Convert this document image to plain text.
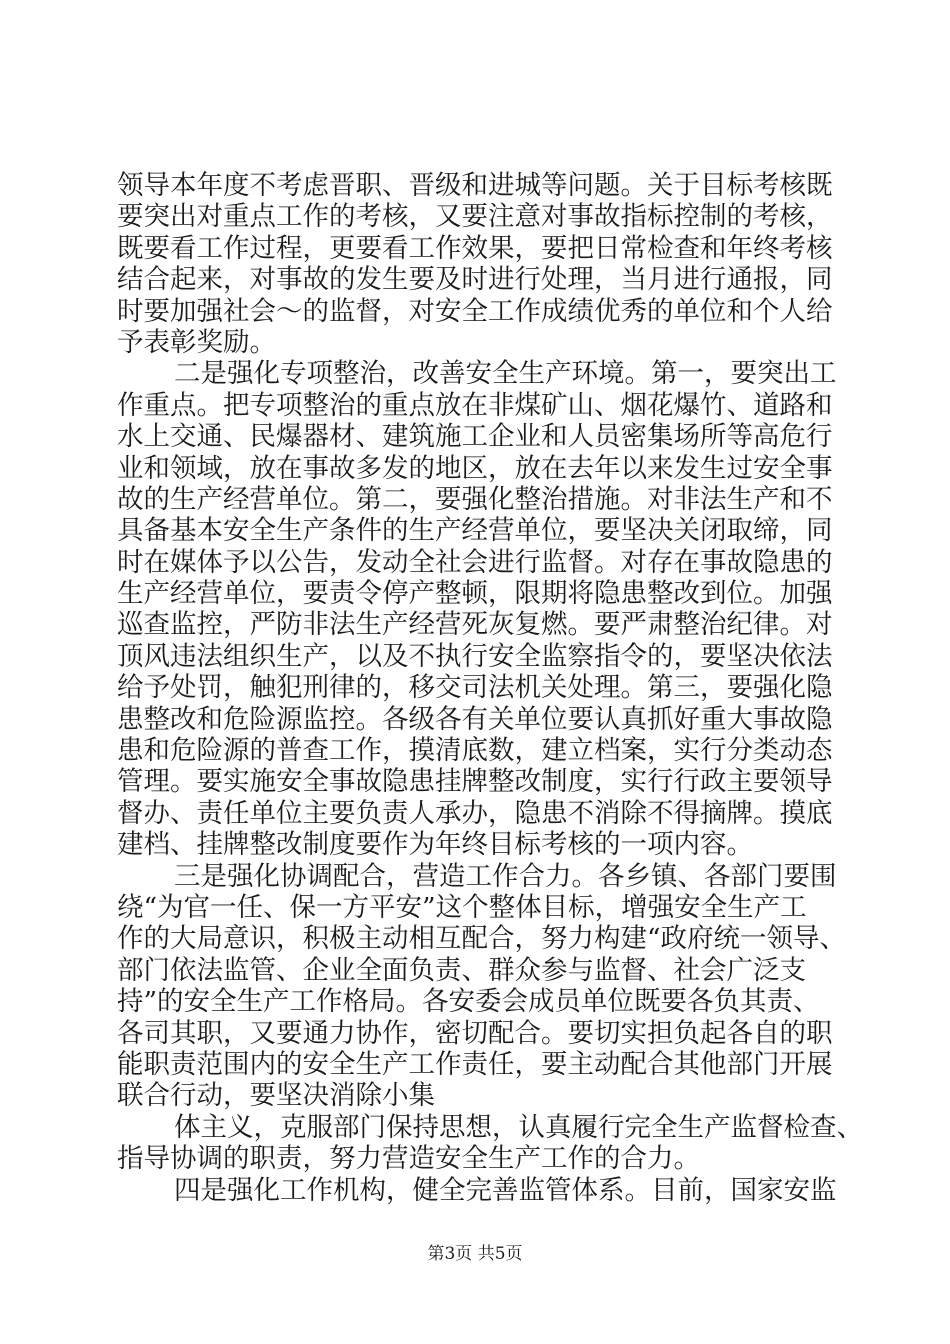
领导本年度不考虑晋职、晋级和进城等问题。关于目标考核既
要突出对重点工作的考核，又要注意对事故指标控制的考核，
既要看工作过程，更要看工作效果，要把日常检查和年终考核
结合起来，对事故的发生要及时进行处理，当月进行通报，同
时要加强社会～的监督，对安全工作成绩优秀的单位和个人给
予表彰奖励。
二是强化专项整治，改善安全生产环境。第一，要突出工
作重点。把专项整治的重点放在非煤矿山、烟花爆竹、道路和
水上交通、民爆器材、建筑施工企业和人员密集场所等高危行
业和领域，放在事故多发的地区，放在去年以来发生过安全事
故的生产经营单位。第二，要强化整治措施。对非法生产和不
具备基本安全生产条件的生产经营单位，要坚决关闭取缔，同
时在媒体予以公告，发动全社会进行监督。对存在事故隐患的
生产经营单位，要责令停产整顿，限期将隐患整改到位。加强
巡查监控，严防非法生产经营死灰复燃。要严肃整治纪律。对
顶风违法组织生产，以及不执行安全监察指令的，要坚决依法
给予处罚，触犯刑律的，移交司法机关处理。第三，要强化隐
患整改和危险源监控。各级各有关单位要认真抓好重大事故隐
患和危险源的普查工作，摸清底数，建立档案，实行分类动态
管理。要实施安全事故隐患挂牌整改制度，实行行政主要领导
督办、责任单位主要负责人承办，隐患不消除不得摘牌。摸底
建档、挂牌整改制度要作为年终目标考核的一项内容。
三是强化协调配合，营造工作合力。各乡镇、各部门要围
绕“为官一任、保一方平安”这个整体目标，增强安全生产工
作的大局意识，积极主动相互配合，努力构建“政府统一领导、
部门依法监管、企业全面负责、群众参与监督、社会广泛支
持”的安全生产工作格局。各安委会成员单位既要各负其责、
各司其职，又要通力协作，密切配合。要切实担负起各自的职
能职责范围内的安全生产工作责任，要主动配合其他部门开展
联合行动，要坚决消除小集
体主义，克服部门保持思想，认真履行完全生产监督检查、
指导协调的职责，努力营造安全生产工作的合力。
四是强化工作机构，健全完善监管体系。目前，国家安监
第3页 共5页
